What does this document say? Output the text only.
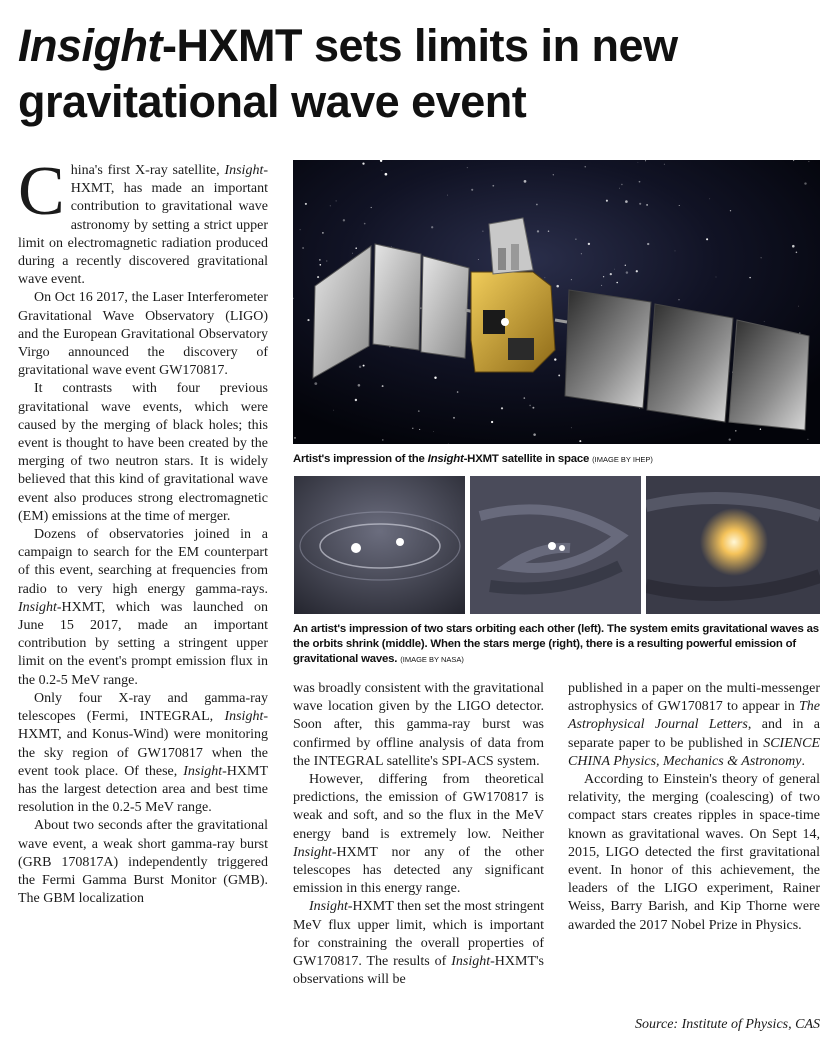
Insight-HXMT sets limits in new gravitational wave event

China's first X-ray satellite, Insight-HXMT, has made an important contribution to gravitational wave astronomy by setting a strict upper limit on electromagnetic radiation produced during a recently discovered gravitational wave event.

On Oct 16 2017, the Laser Interferometer Gravitational Wave Observatory (LIGO) and the European Gravitational Observatory Virgo announced the discovery of gravitational wave event GW170817.

It contrasts with four previous gravitational wave events, which were caused by the merging of black holes; this event is thought to have been created by the merging of two neutron stars. It is widely believed that this kind of gravitational wave event also produces strong electromagnetic (EM) emissions at the time of merger.

Dozens of observatories joined in a campaign to search for the EM counterpart of this event, searching at frequencies from radio to very high energy gamma-rays. Insight-HXMT, which was launched on June 15 2017, made an important contribution by setting a stringent upper limit on the event's prompt emission flux in the 0.2-5 MeV range.

Only four X-ray and gamma-ray telescopes (Fermi, INTEGRAL, Insight-HXMT, and Konus-Wind) were monitoring the sky region of GW170817 when the event took place. Of these, Insight-HXMT has the largest detection area and best time resolution in the 0.2-5 MeV range.

About two seconds after the gravitational wave event, a weak short gamma-ray burst (GRB 170817A) independently triggered the Fermi Gamma Burst Monitor (GMB). The GBM localization

Artist's impression of the Insight-HXMT satellite in space (IMAGE BY IHEP)
An artist's impression of two stars orbiting each other (left). The system emits gravitational waves as the orbits shrink (middle). When the stars merge (right), there is a resulting powerful emission of gravitational waves. (IMAGE BY NASA)

was broadly consistent with the gravitational wave location given by the LIGO detector. Soon after, this gamma-ray burst was confirmed by offline analysis of data from the INTEGRAL satellite's SPI-ACS system.

However, differing from theoretical predictions, the emission of GW170817 is weak and soft, and so the flux in the MeV energy band is extremely low. Neither Insight-HXMT nor any of the other telescopes has detected any significant emission in this energy range.

Insight-HXMT then set the most stringent MeV flux upper limit, which is important for constraining the overall properties of GW170817. The results of Insight-HXMT's observations will be

published in a paper on the multi-messenger astrophysics of GW170817 to appear in The Astrophysical Journal Letters, and in a separate paper to be published in SCIENCE CHINA Physics, Mechanics & Astronomy.

According to Einstein's theory of general relativity, the merging (coalescing) of two compact stars creates ripples in space-time known as gravitational waves. On Sept 14, 2015, LIGO detected the first gravitational event. In honor of this achievement, the leaders of the LIGO experiment, Rainer Weiss, Barry Barish, and Kip Thorne were awarded the 2017 Nobel Prize in Physics.

Source: Institute of Physics, CAS
